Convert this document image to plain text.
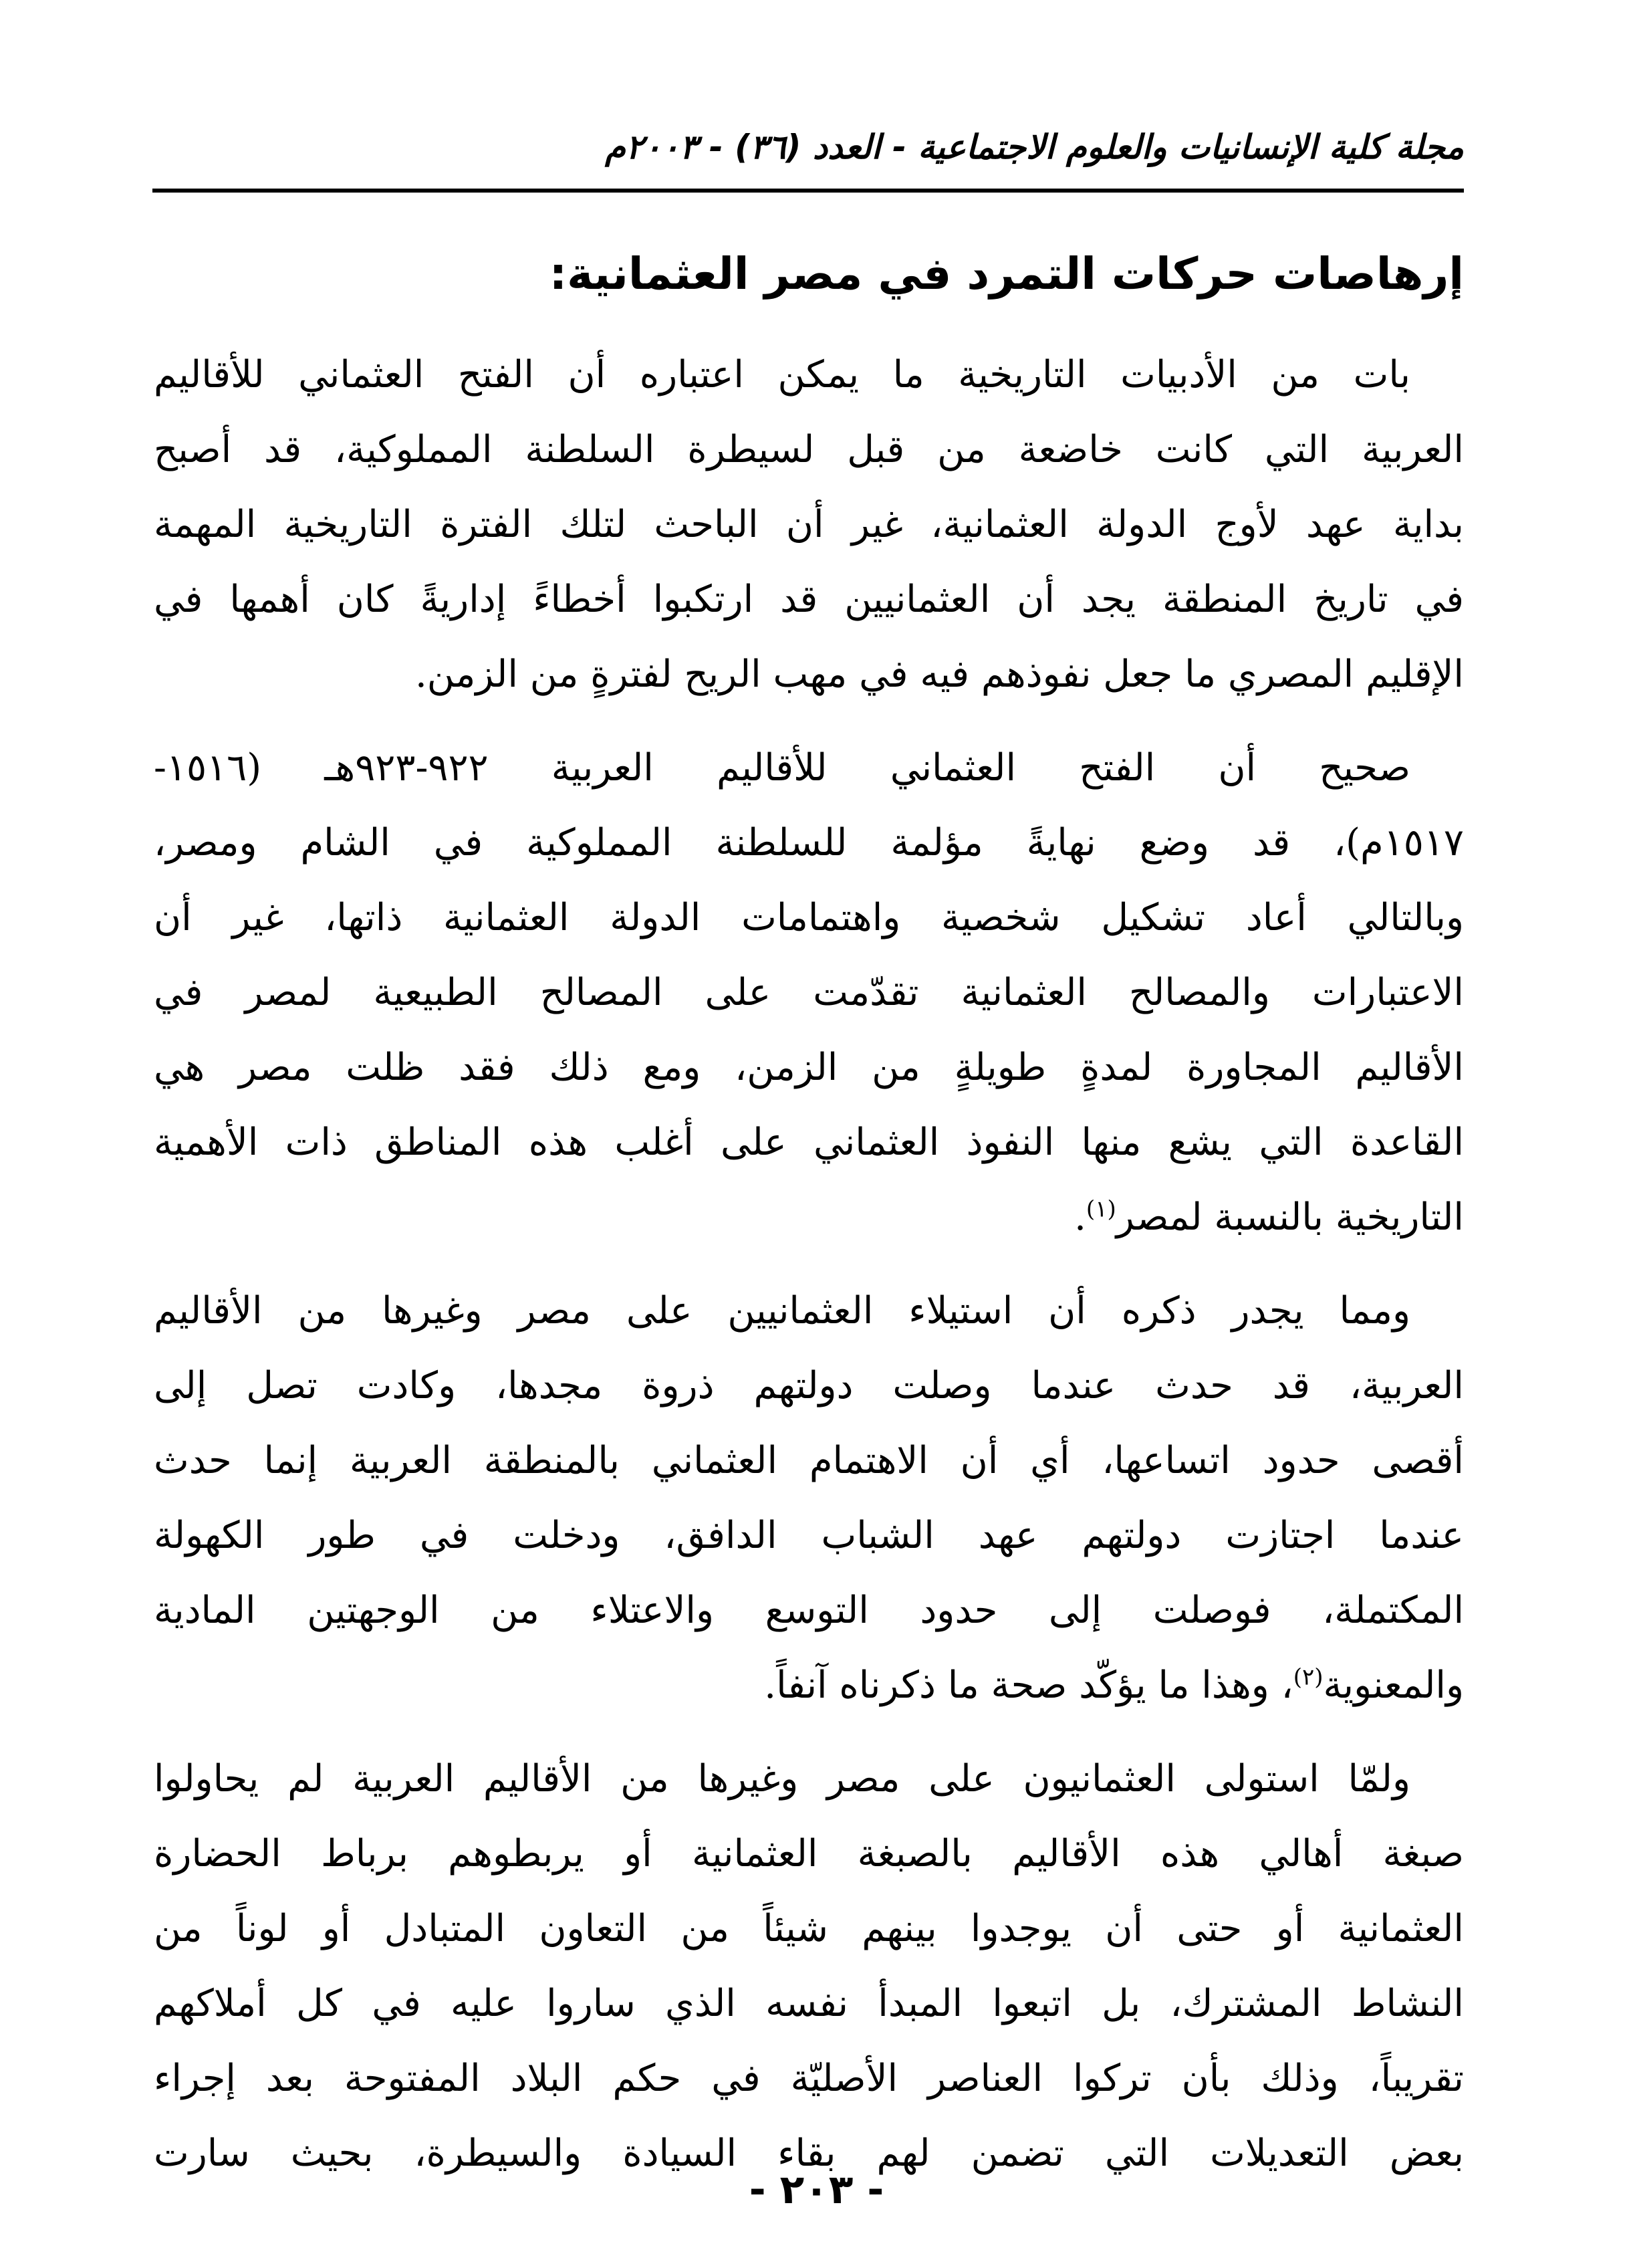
مجلة كلية الإنسانيات والعلوم الاجتماعية - العدد (٣٦) - ٢٠٠٣م
إرهاصات حركات التمرد في مصر العثمانية:

بات من الأدبيات التاريخية ما يمكن اعتباره أن الفتح العثماني للأقاليم
العربية التي كانت خاضعة من قبل لسيطرة السلطنة المملوكية، قد أصبح
بداية عهد لأوج الدولة العثمانية، غير أن الباحث لتلك الفترة التاريخية المهمة
في تاريخ المنطقة يجد أن العثمانيين قد ارتكبوا أخطاءً إداريةً كان أهمها في
الإقليم المصري ما جعل نفوذهم فيه في مهب الريح لفترةٍ من الزمن.

صحيح أن الفتح العثماني للأقاليم العربية ٩٢٢-٩٢٣هـ (١٥١٦-
١٥١٧م)، قد وضع نهايةً مؤلمة للسلطنة المملوكية في الشام ومصر،
وبالتالي أعاد تشكيل شخصية واهتمامات الدولة العثمانية ذاتها، غير أن
الاعتبارات والمصالح العثمانية تقدّمت على المصالح الطبيعية لمصر في
الأقاليم المجاورة لمدةٍ طويلةٍ من الزمن، ومع ذلك فقد ظلت مصر هي
القاعدة التي يشع منها النفوذ العثماني على أغلب هذه المناطق ذات الأهمية
التاريخية بالنسبة لمصر$^{(١)}$.

ومما يجدر ذكره أن استيلاء العثمانيين على مصر وغيرها من الأقاليم
العربية، قد حدث عندما وصلت دولتهم ذروة مجدها، وكادت تصل إلى
أقصى حدود اتساعها، أي أن الاهتمام العثماني بالمنطقة العربية إنما حدث
عندما اجتازت دولتهم عهد الشباب الدافق، ودخلت في طور الكهولة
المكتملة، فوصلت إلى حدود التوسع والاعتلاء من الوجهتين المادية
والمعنوية$^{(٢)}$، وهذا ما يؤكّد صحة ما ذكرناه آنفاً.

ولمّا استولى العثمانيون على مصر وغيرها من الأقاليم العربية لم يحاولوا
صبغة أهالي هذه الأقاليم بالصبغة العثمانية أو يربطوهم برباط الحضارة
العثمانية أو حتى أن يوجدوا بينهم شيئاً من التعاون المتبادل أو لوناً من
النشاط المشترك، بل اتبعوا المبدأ نفسه الذي ساروا عليه في كل أملاكهم
تقريباً، وذلك بأن تركوا العناصر الأصليّة في حكم البلاد المفتوحة بعد إجراء
بعض التعديلات التي تضمن لهم بقاء السيادة والسيطرة، بحيث سارت

- ٢٠٣ -
